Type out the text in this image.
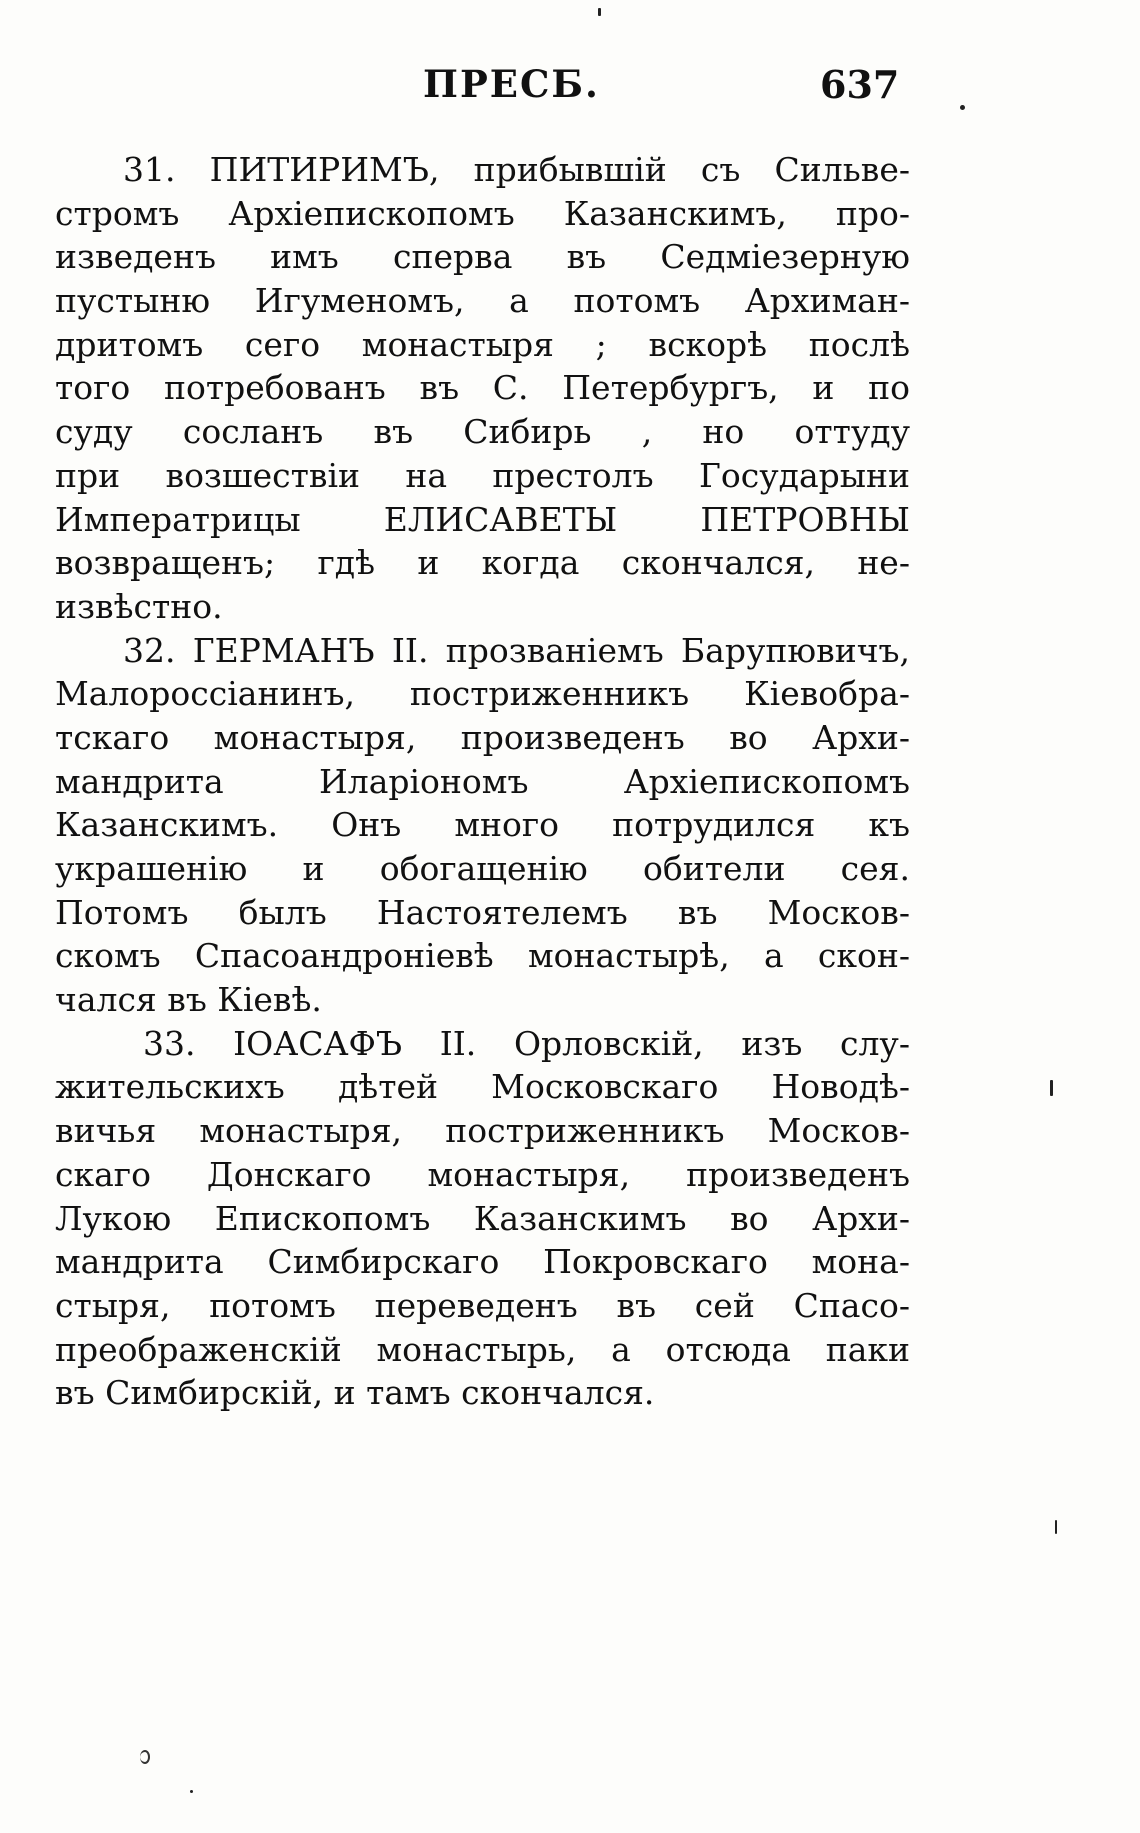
ПРЕСБ.	637
31. ПИТИРИМЪ, прибывшій съ Сильве-
стромъ Архіепископомъ Казанскимъ, про-
изведенъ имъ сперва въ Седміезерную
пустыню Игуменомъ, а потомъ Архиман-
дритомъ сего монастыря ; вскорѣ послѣ
того потребованъ въ С. Петербургъ, и по
суду сосланъ въ Сибирь , но оттуду
при возшествіи на престолъ Государыни
Императрицы ЕЛИСАВЕТЫ ПЕТРОВНЫ
возвращенъ; гдѣ и когда скончался, не-
извѣстно.
32. ГЕРМАНЪ II. прозваніемъ Барупювичъ,
Малороссіанинъ, постриженникъ Кіевобра-
тскаго монастыря, произведенъ во Архи-
мандрита Иларіономъ Архіепископомъ
Казанскимъ. Онъ много потрудился къ
украшенію и обогащенію обители сея.
Потомъ былъ Настоятелемъ въ Москов-
скомъ Спасоандроніевѣ монастырѣ, а скон-
чался въ Кіевѣ.
33. ІОАСАФЪ II. Орловскій, изъ слу-
жительскихъ дѣтей Московскаго Новодѣ-
вичья монастыря, постриженникъ Москов-
скаго Донскаго монастыря, произведенъ
Лукою Епископомъ Казанскимъ во Архи-
мандрита Симбирскаго Покровскаго мона-
стыря, потомъ переведенъ въ сей Спасо-
преображенскій монастырь, а отсюда паки
въ Симбирскій, и тамъ скончался.
